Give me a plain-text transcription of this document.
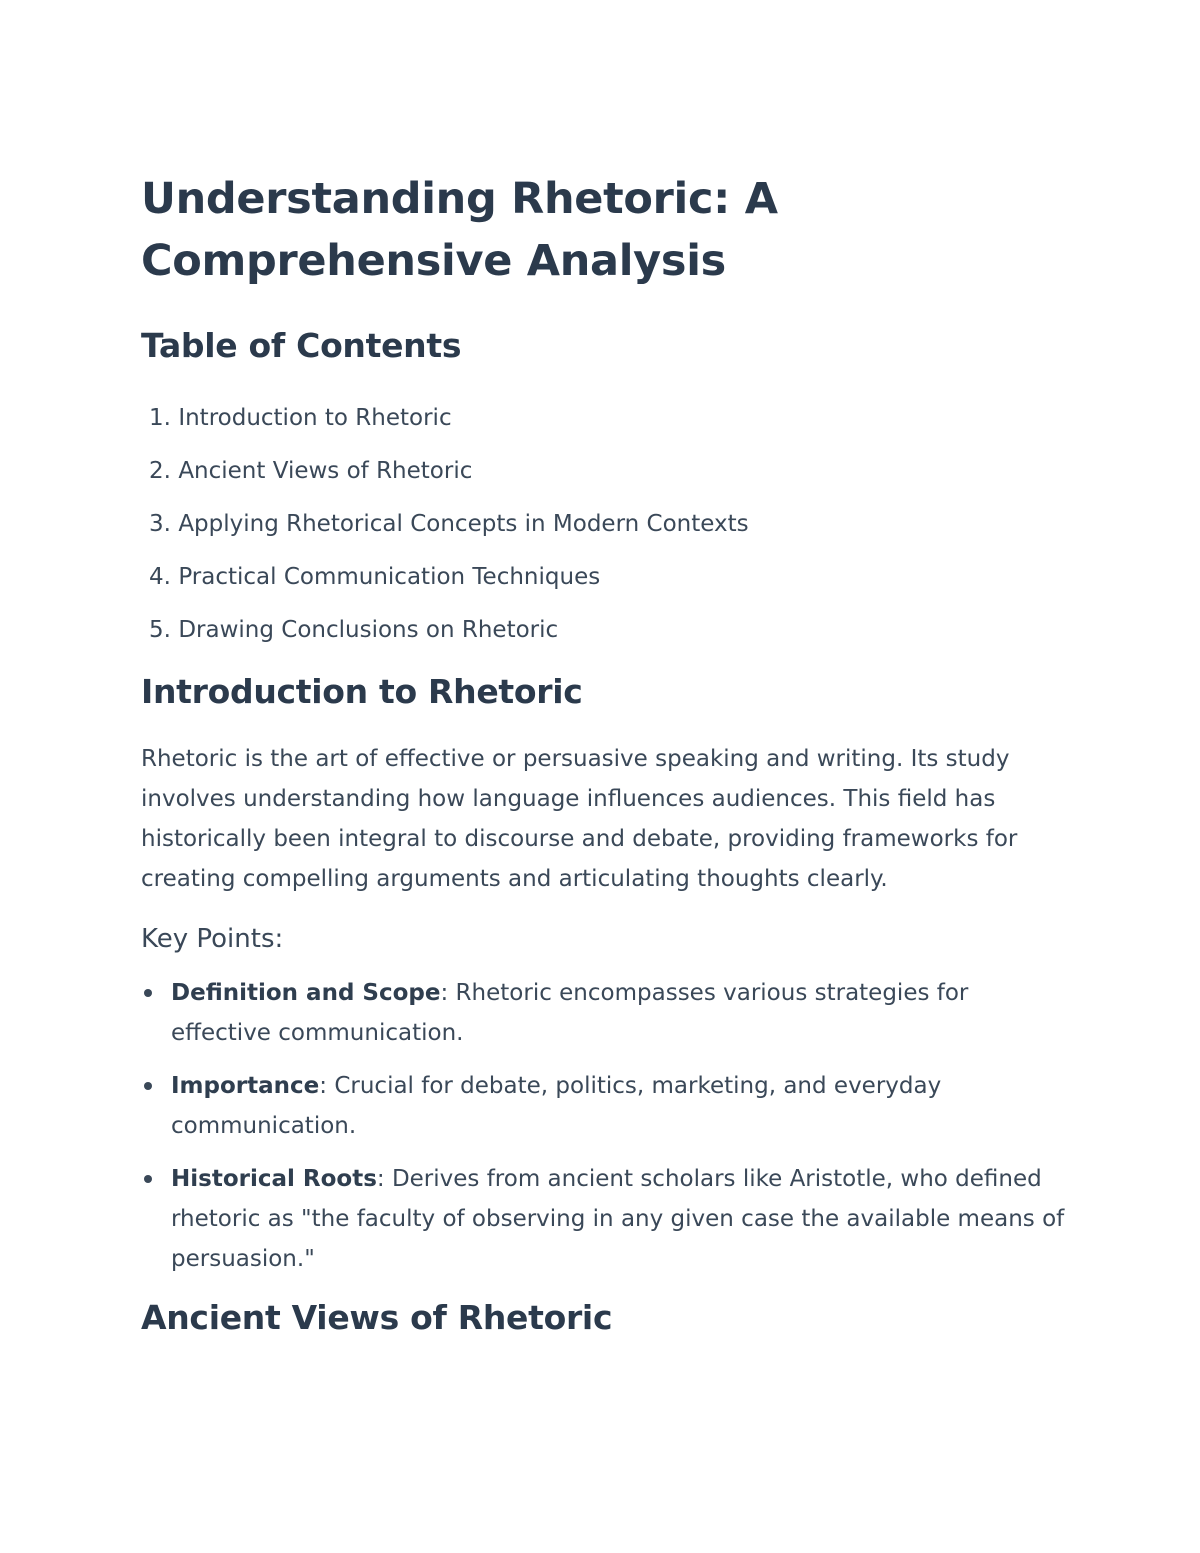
Understanding Rhetoric: A
Comprehensive Analysis
Table of Contents
1. Introduction to Rhetoric
2. Ancient Views of Rhetoric
3. Applying Rhetorical Concepts in Modern Contexts
4. Practical Communication Techniques
5. Drawing Conclusions on Rhetoric
Introduction to Rhetoric

Rhetoric is the art of effective or persuasive speaking and writing. Its study involves understanding how language influences audiences. This field has historically been integral to discourse and debate, providing frameworks for creating compelling arguments and articulating thoughts clearly.

Key Points:
Definition and Scope: Rhetoric encompasses various strategies for effective communication.
Importance: Crucial for debate, politics, marketing, and everyday communication.
Historical Roots: Derives from ancient scholars like Aristotle, who defined rhetoric as "the faculty of observing in any given case the available means of persuasion."
Ancient Views of Rhetoric
